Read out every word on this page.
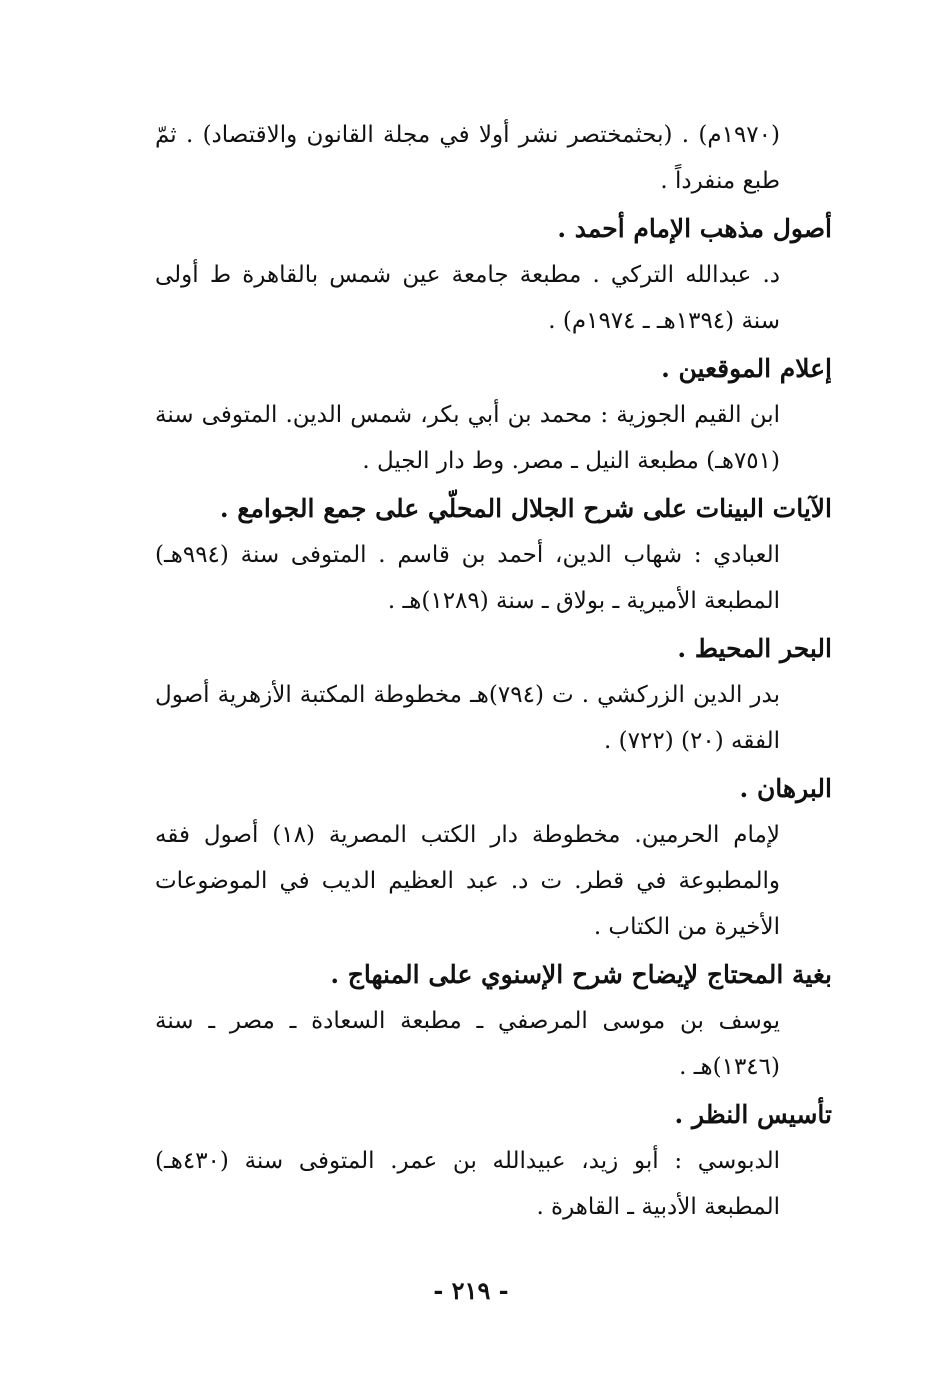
(١٩٧٠م) . (بحثمختصر نشر أولا في مجلة القانون والاقتصاد) . ثمّ طبع منفرداً .

أصول مذهب الإمام أحمد .

د. عبدالله التركي . مطبعة جامعة عين شمس بالقاهرة ط أولى سنة (١٣٩٤هـ ـ ١٩٧٤م) .

إعلام الموقعين .

ابن القيم الجوزية : محمد بن أبي بكر، شمس الدين. المتوفى سنة (٧٥١هـ) مطبعة النيل ـ مصر. وط دار الجيل .

الآيات البينات على شرح الجلال المحلّي على جمع الجوامع .

العبادي : شهاب الدين، أحمد بن قاسم . المتوفى سنة (٩٩٤هـ) المطبعة الأميرية ـ بولاق ـ سنة (١٢٨٩)هـ .

البحر المحيط .

بدر الدين الزركشي . ت (٧٩٤)هـ مخطوطة المكتبة الأزهرية أصول الفقه (٢٠) (٧٢٢) .

البرهان .

لإمام الحرمين. مخطوطة دار الكتب المصرية (١٨) أصول فقه والمطبوعة في قطر. ت د. عبد العظيم الديب في الموضوعات الأخيرة من الكتاب .

بغية المحتاج لإيضاح شرح الإسنوي على المنهاج .

يوسف بن موسى المرصفي ـ مطبعة السعادة ـ مصر ـ سنة (١٣٤٦)هـ .

تأسيس النظر .

الدبوسي : أبو زيد، عبيدالله بن عمر. المتوفى سنة (٤٣٠هـ) المطبعة الأدبية ـ القاهرة .

- ٢١٩ -
